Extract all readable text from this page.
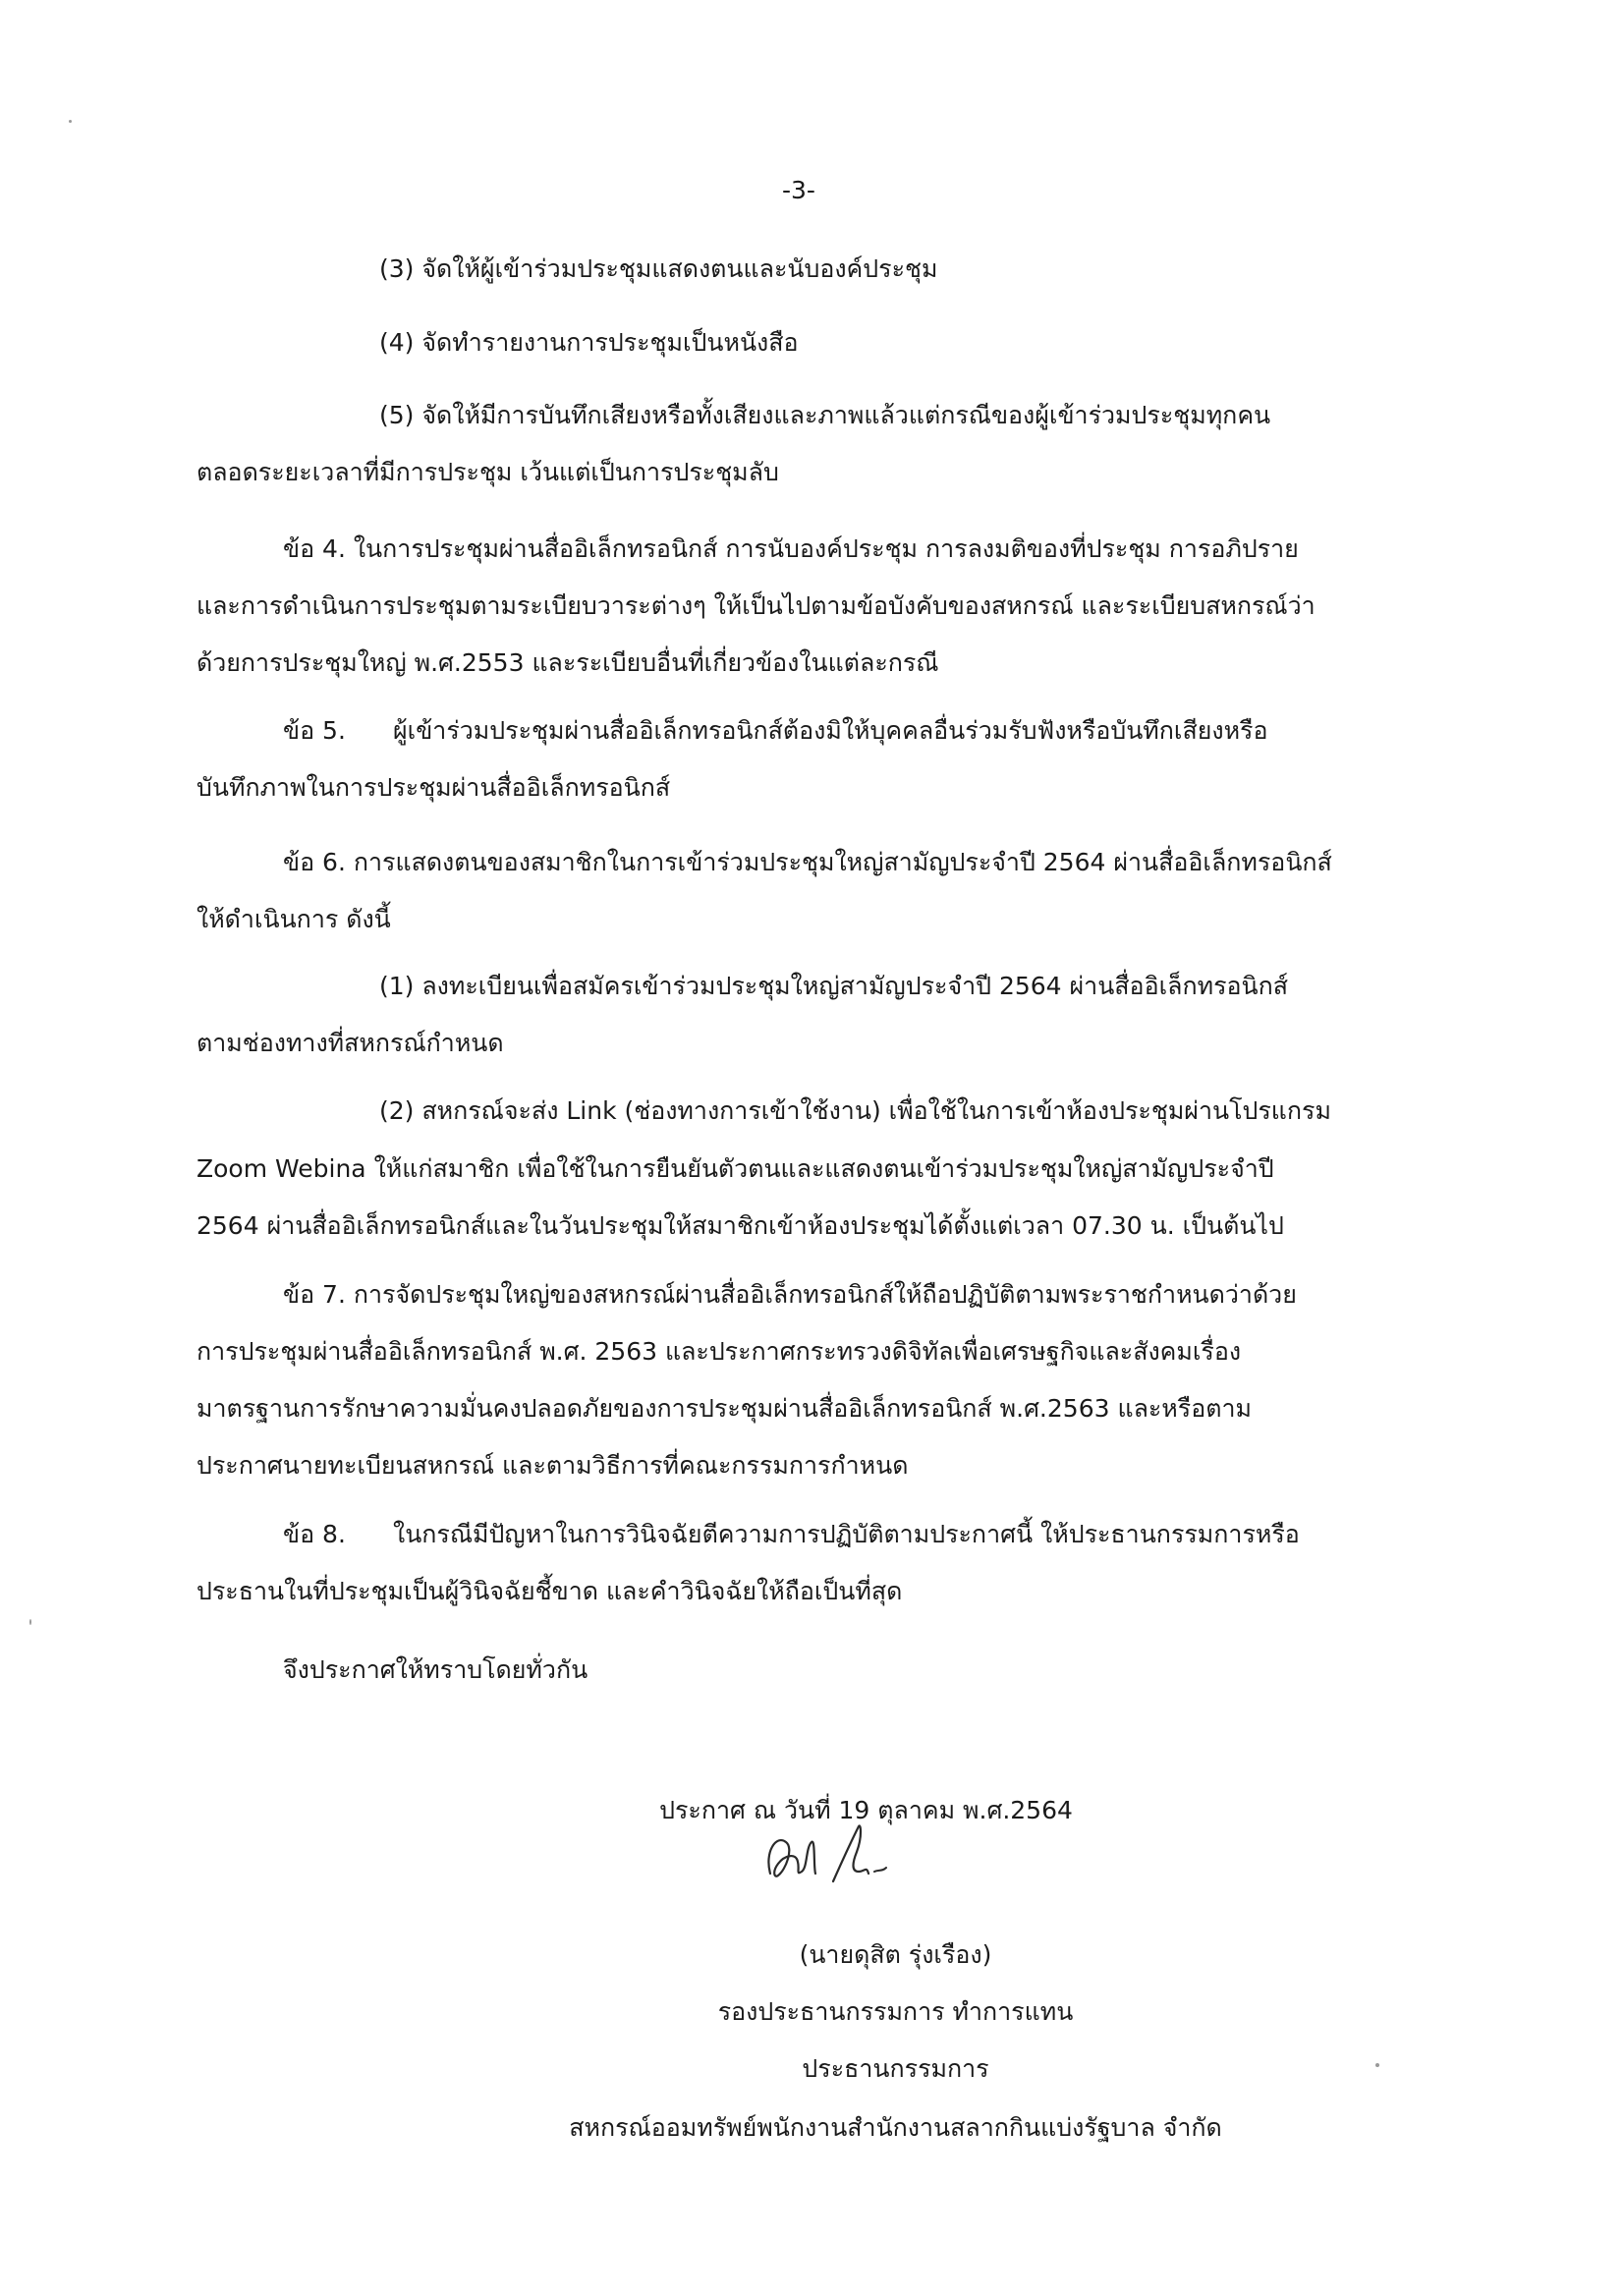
-3-

(3) จัดให้ผู้เข้าร่วมประชุมแสดงตนและนับองค์ประชุม

(4) จัดทำรายงานการประชุมเป็นหนังสือ

(5) จัดให้มีการบันทึกเสียงหรือทั้งเสียงและภาพแล้วแต่กรณีของผู้เข้าร่วมประชุมทุกคน

ตลอดระยะเวลาที่มีการประชุม เว้นแต่เป็นการประชุมลับ

ข้อ 4. ในการประชุมผ่านสื่ออิเล็กทรอนิกส์ การนับองค์ประชุม การลงมติของที่ประชุม การอภิปราย

และการดำเนินการประชุมตามระเบียบวาระต่างๆ ให้เป็นไปตามข้อบังคับของสหกรณ์ และระเบียบสหกรณ์ว่า

ด้วยการประชุมใหญ่ พ.ศ.2553 และระเบียบอื่นที่เกี่ยวข้องในแต่ละกรณี

ข้อ 5. ผู้เข้าร่วมประชุมผ่านสื่ออิเล็กทรอนิกส์ต้องมิให้บุคคลอื่นร่วมรับฟังหรือบันทึกเสียงหรือ

บันทึกภาพในการประชุมผ่านสื่ออิเล็กทรอนิกส์

ข้อ 6. การแสดงตนของสมาชิกในการเข้าร่วมประชุมใหญ่สามัญประจำปี 2564 ผ่านสื่ออิเล็กทรอนิกส์

ให้ดำเนินการ ดังนี้

(1) ลงทะเบียนเพื่อสมัครเข้าร่วมประชุมใหญ่สามัญประจำปี 2564 ผ่านสื่ออิเล็กทรอนิกส์

ตามช่องทางที่สหกรณ์กำหนด

(2) สหกรณ์จะส่ง Link (ช่องทางการเข้าใช้งาน) เพื่อใช้ในการเข้าห้องประชุมผ่านโปรแกรม

Zoom Webina ให้แก่สมาชิก เพื่อใช้ในการยืนยันตัวตนและแสดงตนเข้าร่วมประชุมใหญ่สามัญประจำปี

2564 ผ่านสื่ออิเล็กทรอนิกส์และในวันประชุมให้สมาชิกเข้าห้องประชุมได้ตั้งแต่เวลา 07.30 น. เป็นต้นไป

ข้อ 7. การจัดประชุมใหญ่ของสหกรณ์ผ่านสื่ออิเล็กทรอนิกส์ให้ถือปฏิบัติตามพระราชกำหนดว่าด้วย

การประชุมผ่านสื่ออิเล็กทรอนิกส์ พ.ศ. 2563 และประกาศกระทรวงดิจิทัลเพื่อเศรษฐกิจและสังคมเรื่อง

มาตรฐานการรักษาความมั่นคงปลอดภัยของการประชุมผ่านสื่ออิเล็กทรอนิกส์ พ.ศ.2563 และหรือตาม

ประกาศนายทะเบียนสหกรณ์ และตามวิธีการที่คณะกรรมการกำหนด

ข้อ 8. ในกรณีมีปัญหาในการวินิจฉัยตีความการปฏิบัติตามประกาศนี้ ให้ประธานกรรมการหรือ

ประธานในที่ประชุมเป็นผู้วินิจฉัยชี้ขาด และคำวินิจฉัยให้ถือเป็นที่สุด

จึงประกาศให้ทราบโดยทั่วกัน

ประกาศ ณ วันที่ 19 ตุลาคม พ.ศ.2564

(นายดุสิต รุ่งเรือง)

รองประธานกรรมการ ทำการแทน

ประธานกรรมการ

สหกรณ์ออมทรัพย์พนักงานสำนักงานสลากกินแบ่งรัฐบาล จำกัด
